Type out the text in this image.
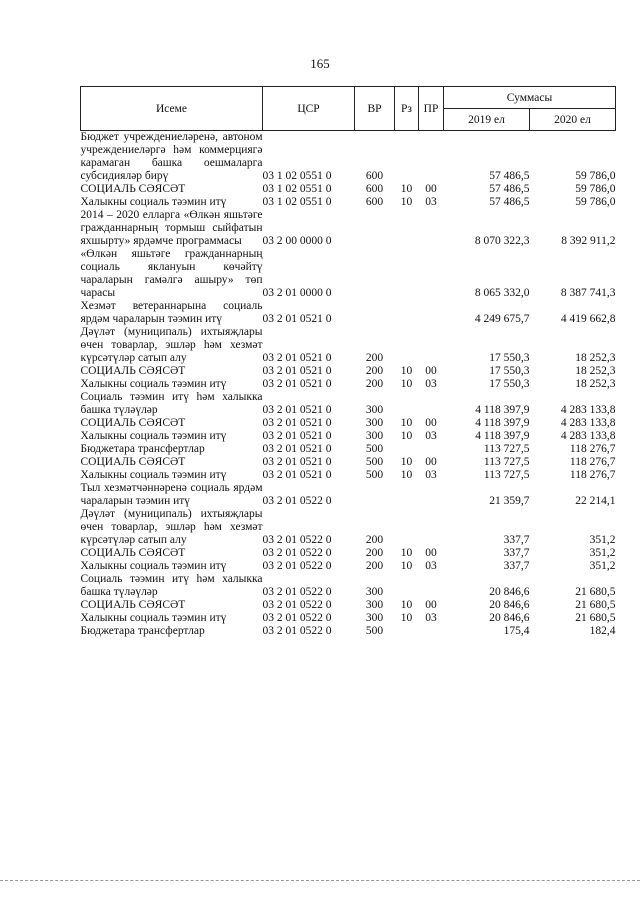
165
Исеме	ЦСР	ВР	Рз	ПР	Суммасы	
					2019 ел	2020 ел
Бюджет учреждениеләренә, автоном учреждениеләргә һәм коммерциягә карамаган башка оешмаларга субсидияләр бирү	03 1 02 0551 0	600			57 486,5	59 786,0
СОЦИАЛЬ СӘЯСӘТ	03 1 02 0551 0	600	10	00	57 486,5	59 786,0
Халыкны социаль тәэмин итү	03 1 02 0551 0	600	10	03	57 486,5	59 786,0
2014 – 2020 елларга «Өлкән яшьтәге гражданнарның тормыш сыйфатын яхшырту» ярдәмче программасы	03 2 00 0000 0				8 070 322,3	8 392 911,2
«Өлкән яшьтәге гражданнарның социаль яклануын көчәйтү чараларын гамәлгә ашыру» төп чарасы	03 2 01 0000 0				8 065 332,0	8 387 741,3
Хезмәт ветераннарына социаль ярдәм чараларын тәэмин итү	03 2 01 0521 0				4 249 675,7	4 419 662,8
Дәүләт (муниципаль) ихтыяҗлары өчен товарлар, эшләр һәм хезмәт күрсәтүләр сатып алу	03 2 01 0521 0	200			17 550,3	18 252,3
СОЦИАЛЬ СӘЯСӘТ	03 2 01 0521 0	200	10	00	17 550,3	18 252,3
Халыкны социаль тәэмин итү	03 2 01 0521 0	200	10	03	17 550,3	18 252,3
Социаль тәэмин итү һәм халыкка башка түләүләр	03 2 01 0521 0	300			4 118 397,9	4 283 133,8
СОЦИАЛЬ СӘЯСӘТ	03 2 01 0521 0	300	10	00	4 118 397,9	4 283 133,8
Халыкны социаль тәэмин итү	03 2 01 0521 0	300	10	03	4 118 397,9	4 283 133,8
Бюджетара трансфертлар	03 2 01 0521 0	500			113 727,5	118 276,7
СОЦИАЛЬ СӘЯСӘТ	03 2 01 0521 0	500	10	00	113 727,5	118 276,7
Халыкны социаль тәэмин итү	03 2 01 0521 0	500	10	03	113 727,5	118 276,7
Тыл хезмәтчәннәренә социаль ярдәм чараларын тәэмин итү	03 2 01 0522 0				21 359,7	22 214,1
Дәүләт (муниципаль) ихтыяҗлары өчен товарлар, эшләр һәм хезмәт күрсәтүләр сатып алу	03 2 01 0522 0	200			337,7	351,2
СОЦИАЛЬ СӘЯСӘТ	03 2 01 0522 0	200	10	00	337,7	351,2
Халыкны социаль тәэмин итү	03 2 01 0522 0	200	10	03	337,7	351,2
Социаль тәэмин итү һәм халыкка башка түләүләр	03 2 01 0522 0	300			20 846,6	21 680,5
СОЦИАЛЬ СӘЯСӘТ	03 2 01 0522 0	300	10	00	20 846,6	21 680,5
Халыкны социаль тәэмин итү	03 2 01 0522 0	300	10	03	20 846,6	21 680,5
Бюджетара трансфертлар	03 2 01 0522 0	500			175,4	182,4
